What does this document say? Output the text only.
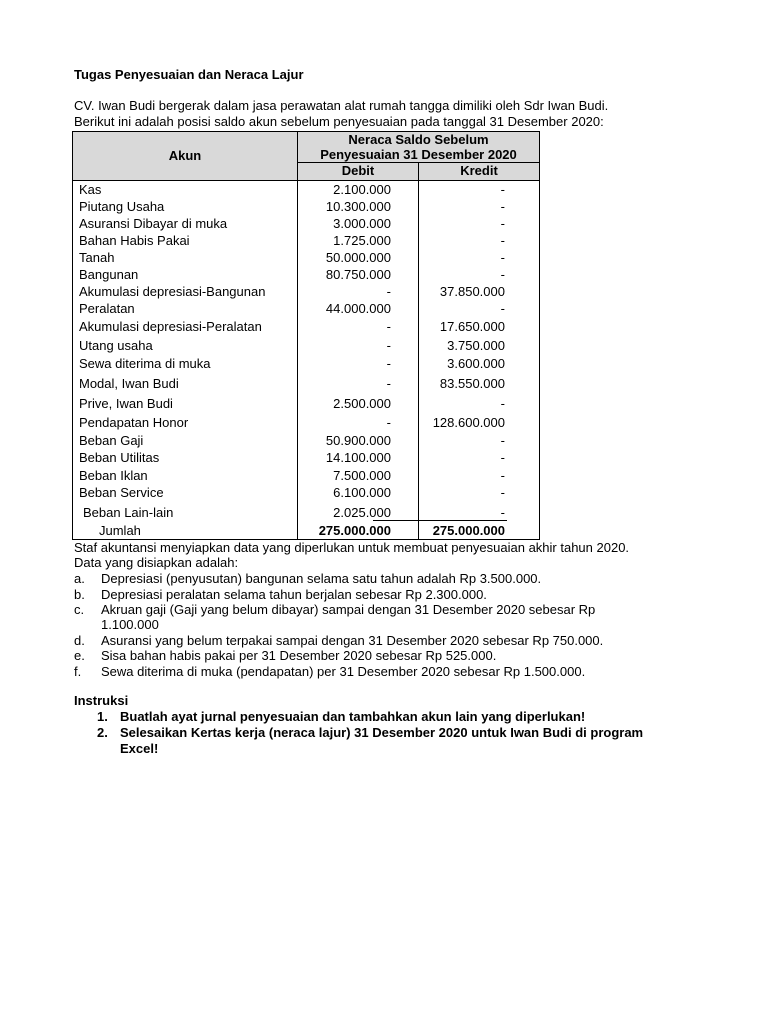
Tugas Penyesuaian dan Neraca Lajur
CV. Iwan Budi bergerak dalam jasa perawatan alat rumah tangga dimiliki oleh Sdr Iwan Budi.
Berikut ini adalah posisi saldo akun sebelum penyesuaian pada tanggal 31 Desember 2020:
Akun
Neraca Saldo Sebelum
Penyesuaian 31 Desember 2020
Debit	Kredit
Kas	2.100.000	-
Piutang Usaha	10.300.000	-
Asuransi Dibayar di muka	3.000.000	-
Bahan Habis Pakai	1.725.000	-
Tanah	50.000.000	-
Bangunan	80.750.000	-
Akumulasi depresiasi-Bangunan	-	37.850.000
Peralatan	44.000.000	-
Akumulasi depresiasi-Peralatan	-	17.650.000
Utang usaha	-	3.750.000
Sewa diterima di muka	-	3.600.000
Modal, Iwan Budi	-	83.550.000
Prive, Iwan Budi	2.500.000	-
Pendapatan Honor	-	128.600.000
Beban Gaji	50.900.000	-
Beban Utilitas	14.100.000	-
Beban Iklan	7.500.000	-
Beban Service	6.100.000	-
Beban Lain-lain	2.025.000	-
Jumlah	275.000.000	275.000.000
Staf akuntansi menyiapkan data yang diperlukan untuk membuat penyesuaian akhir tahun 2020.
Data yang disiapkan adalah:
a. Depresiasi (penyusutan) bangunan selama satu tahun adalah Rp 3.500.000.
b. Depresiasi peralatan selama tahun berjalan sebesar Rp 2.300.000.
c. Akruan gaji (Gaji yang belum dibayar) sampai dengan 31 Desember 2020 sebesar Rp
1.100.000
d. Asuransi yang belum terpakai sampai dengan 31 Desember 2020 sebesar Rp 750.000.
e. Sisa bahan habis pakai per 31 Desember 2020 sebesar Rp 525.000.
f. Sewa diterima di muka (pendapatan) per 31 Desember 2020 sebesar Rp 1.500.000.
Instruksi
1. Buatlah ayat jurnal penyesuaian dan tambahkan akun lain yang diperlukan!
2. Selesaikan Kertas kerja (neraca lajur) 31 Desember 2020 untuk Iwan Budi di program
Excel!
